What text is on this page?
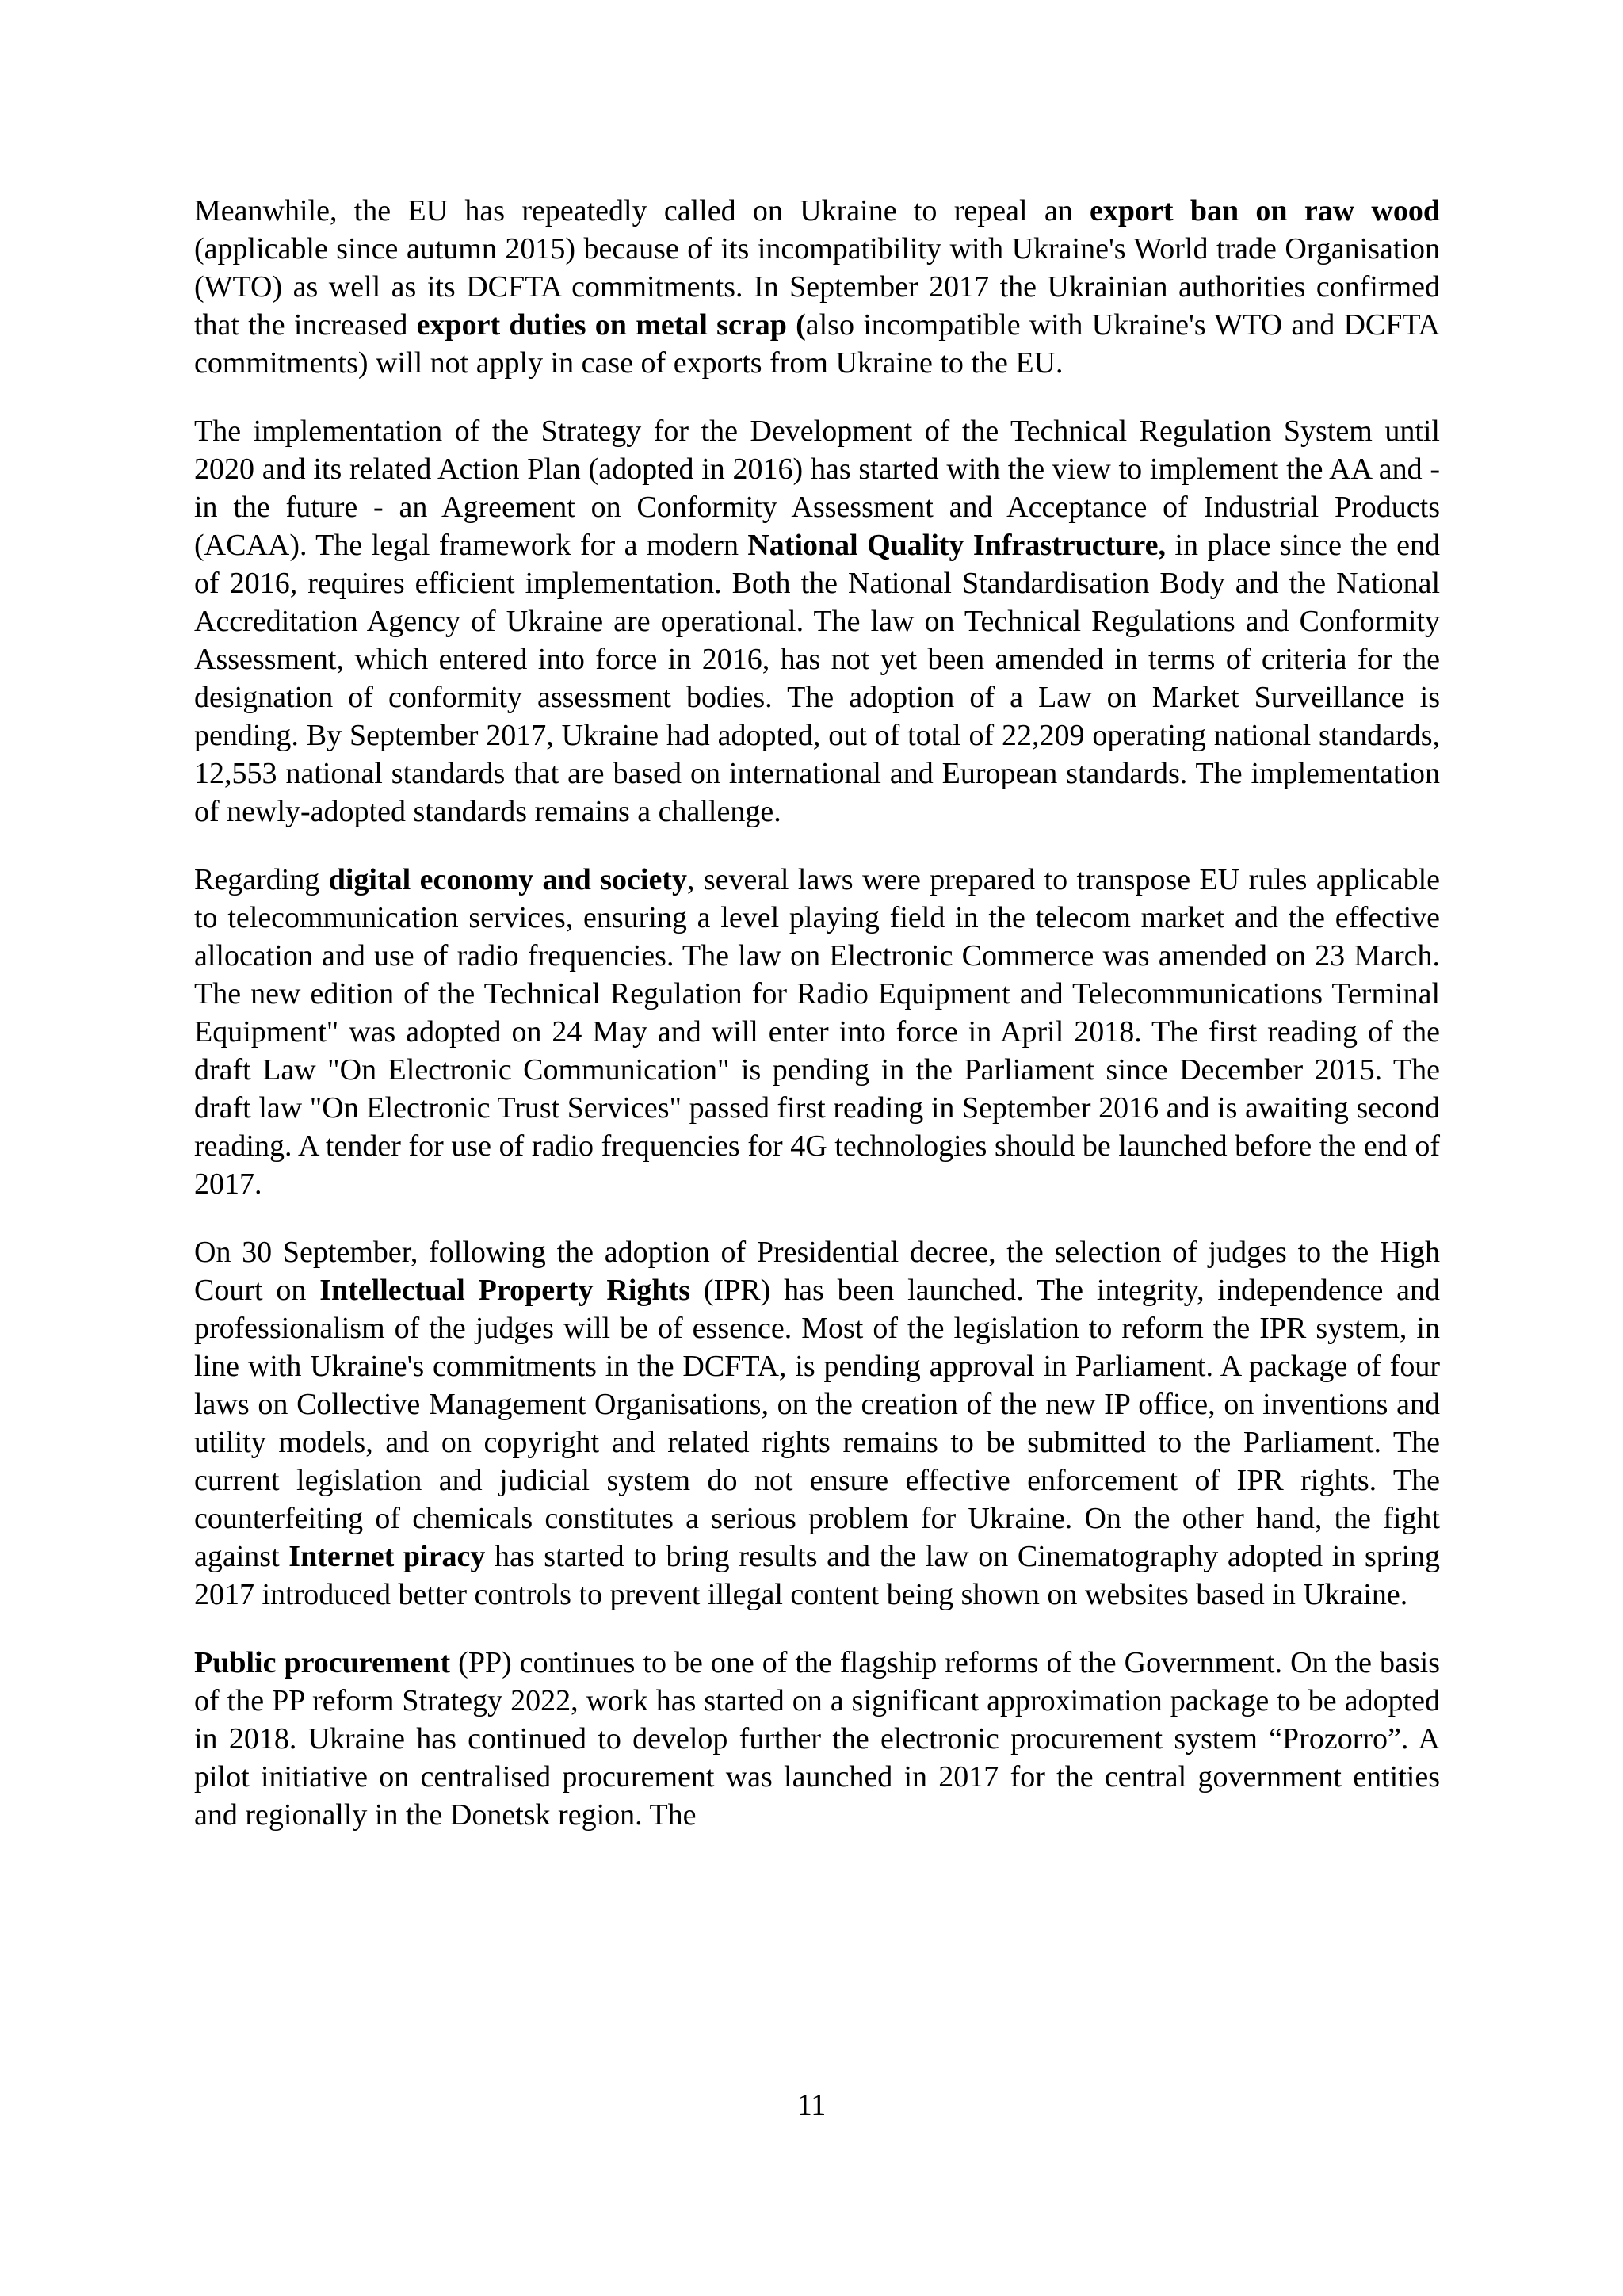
Meanwhile, the EU has repeatedly called on Ukraine to repeal an export ban on raw wood (applicable since autumn 2015) because of its incompatibility with Ukraine's World trade Organisation (WTO) as well as its DCFTA commitments. In September 2017 the Ukrainian authorities confirmed that the increased export duties on metal scrap (also incompatible with Ukraine's WTO and DCFTA commitments) will not apply in case of exports from Ukraine to the EU.

The implementation of the Strategy for the Development of the Technical Regulation System until 2020 and its related Action Plan (adopted in 2016) has started with the view to implement the AA and - in the future - an Agreement on Conformity Assessment and Acceptance of Industrial Products (ACAA). The legal framework for a modern National Quality Infrastructure, in place since the end of 2016, requires efficient implementation. Both the National Standardisation Body and the National Accreditation Agency of Ukraine are operational. The law on Technical Regulations and Conformity Assessment, which entered into force in 2016, has not yet been amended in terms of criteria for the designation of conformity assessment bodies. The adoption of a Law on Market Surveillance is pending. By September 2017, Ukraine had adopted, out of total of 22,209 operating national standards, 12,553 national standards that are based on international and European standards. The implementation of newly-adopted standards remains a challenge.

Regarding digital economy and society, several laws were prepared to transpose EU rules applicable to telecommunication services, ensuring a level playing field in the telecom market and the effective allocation and use of radio frequencies. The law on Electronic Commerce was amended on 23 March. The new edition of the Technical Regulation for Radio Equipment and Telecommunications Terminal Equipment" was adopted on 24 May and will enter into force in April 2018. The first reading of the draft Law "On Electronic Communication" is pending in the Parliament since December 2015. The draft law "On Electronic Trust Services" passed first reading in September 2016 and is awaiting second reading. A tender for use of radio frequencies for 4G technologies should be launched before the end of 2017.

On 30 September, following the adoption of Presidential decree, the selection of judges to the High Court on Intellectual Property Rights (IPR) has been launched. The integrity, independence and professionalism of the judges will be of essence. Most of the legislation to reform the IPR system, in line with Ukraine's commitments in the DCFTA, is pending approval in Parliament. A package of four laws on Collective Management Organisations, on the creation of the new IP office, on inventions and utility models, and on copyright and related rights remains to be submitted to the Parliament. The current legislation and judicial system do not ensure effective enforcement of IPR rights. The counterfeiting of chemicals constitutes a serious problem for Ukraine. On the other hand, the fight against Internet piracy has started to bring results and the law on Cinematography adopted in spring 2017 introduced better controls to prevent illegal content being shown on websites based in Ukraine.

Public procurement (PP) continues to be one of the flagship reforms of the Government. On the basis of the PP reform Strategy 2022, work has started on a significant approximation package to be adopted in 2018. Ukraine has continued to develop further the electronic procurement system “Prozorro”. A pilot initiative on centralised procurement was launched in 2017 for the central government entities and regionally in the Donetsk region. The

11
